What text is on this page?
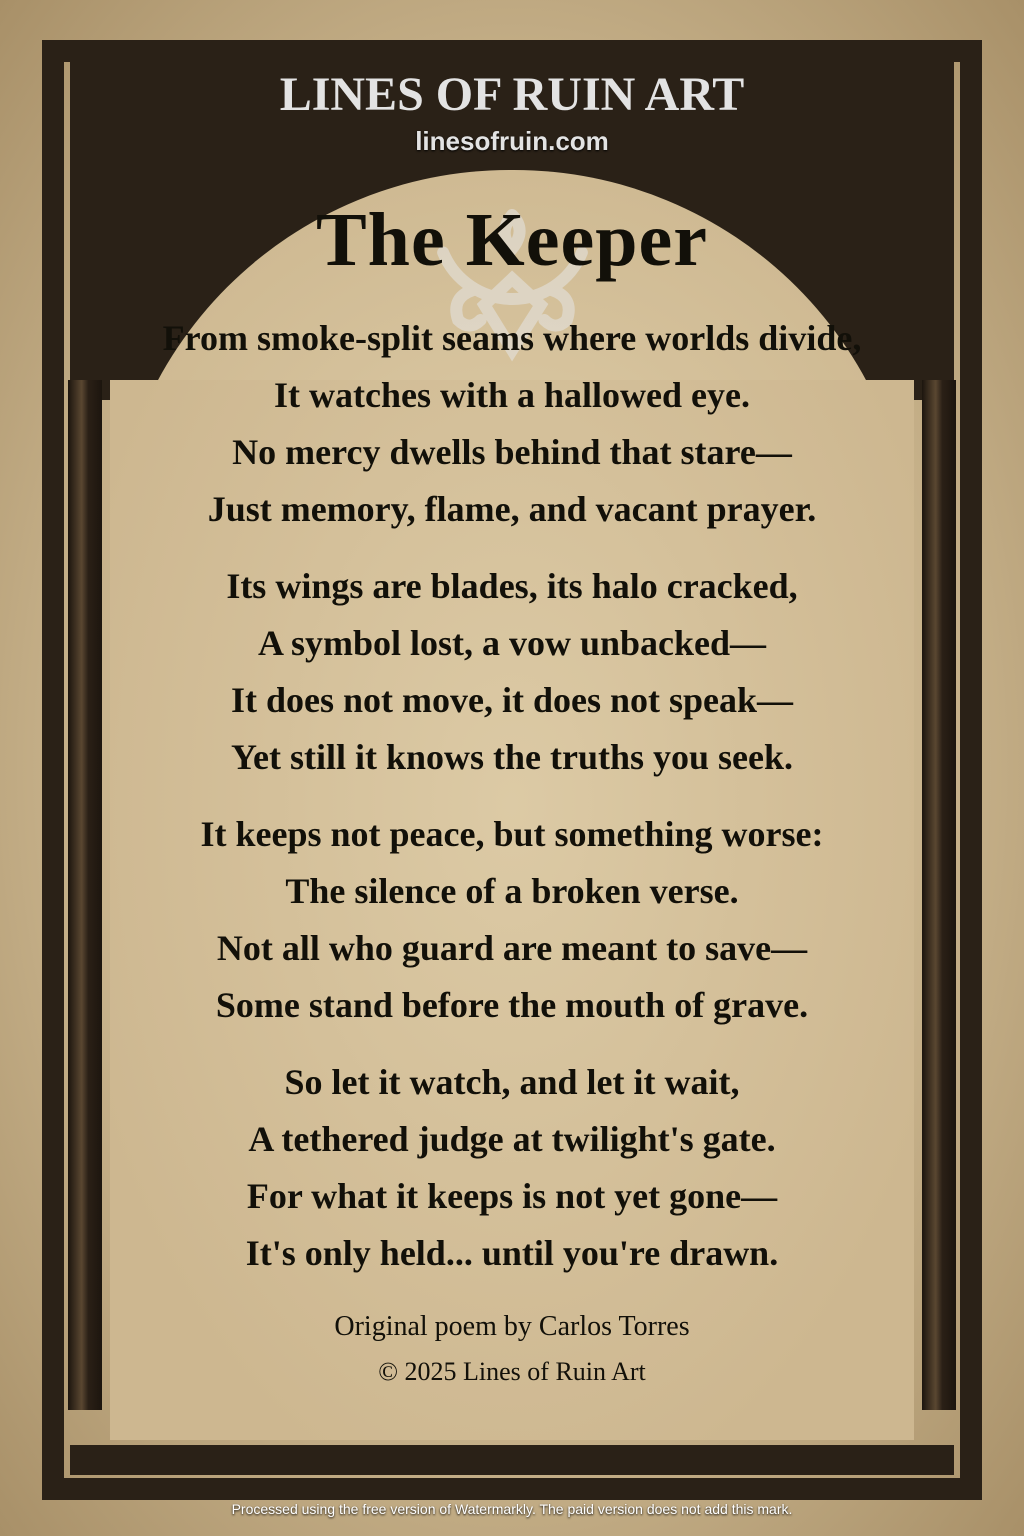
The Keeper
From smoke-split seams where worlds divide,
It watches with a hallowed eye.
No mercy dwells behind that stare—
Just memory, flame, and vacant prayer.
Its wings are blades, its halo cracked,
A symbol lost, a vow unbacked—
It does not move, it does not speak—
Yet still it knows the truths you seek.
It keeps not peace, but something worse:
The silence of a broken verse.
Not all who guard are meant to save—
Some stand before the mouth of grave.
So let it watch, and let it wait,
A tethered judge at twilight's gate.
For what it keeps is not yet gone—
It's only held... until you're drawn.
Original poem by Carlos Torres
© 2025 Lines of Ruin Art
LINES OF RUIN ART
linesofruin.com
Processed using the free version of Watermarkly. The paid version does not add this mark.
